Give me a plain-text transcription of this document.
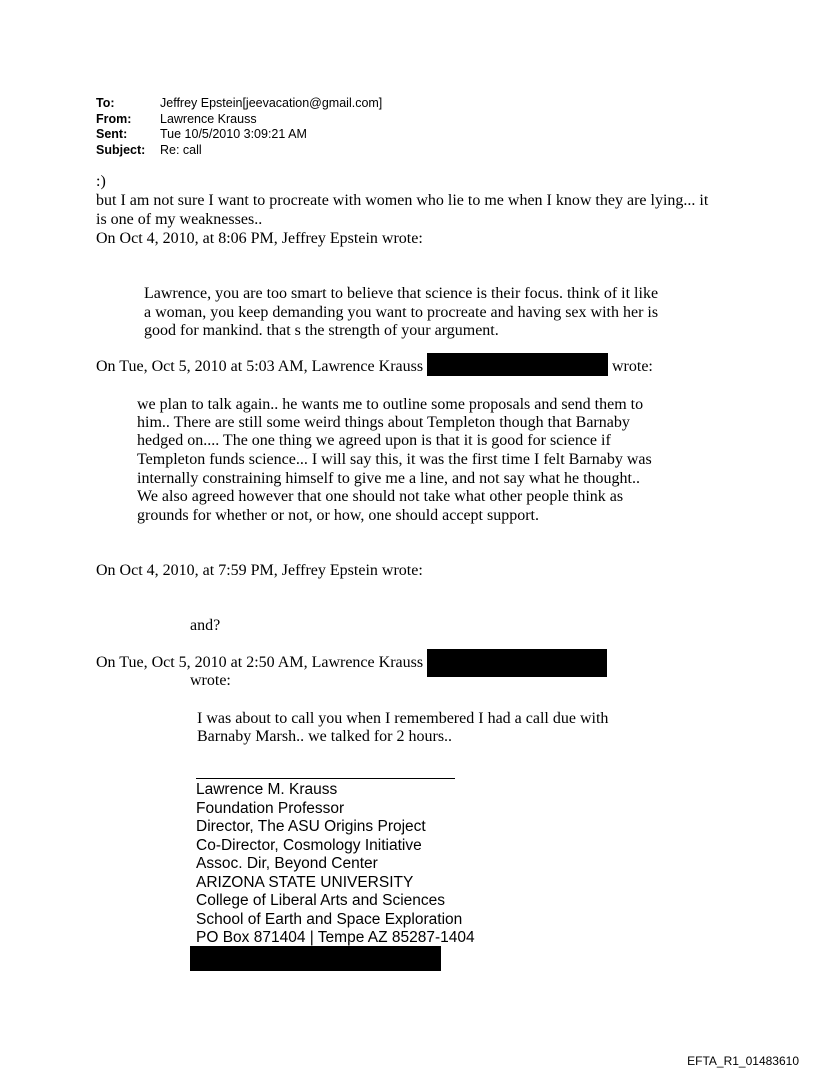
To:	Jeffrey Epstein[jeevacation@gmail.com]
From:	Lawrence Krauss
Sent:	Tue 10/5/2010 3:09:21 AM
Subject:	Re: call
:)
but I am not sure I want to procreate with women who lie to me when I know they are lying... it
is one of my weaknesses..
On Oct 4, 2010, at 8:06 PM, Jeffrey Epstein wrote:
Lawrence, you are too smart to believe that science is their focus. think of it like
a woman, you keep demanding you want to procreate and having sex with her is
good for mankind. that s the strength of your argument.
On Tue, Oct 5, 2010 at 5:03 AM, Lawrence Krauss	wrote:
we plan to talk again.. he wants me to outline some proposals and send them to
him.. There are still some weird things about Templeton though that Barnaby
hedged on.... The one thing we agreed upon is that it is good for science if
Templeton funds science... I will say this, it was the first time I felt Barnaby was
internally constraining himself to give me a line, and not say what he thought..
We also agreed however that one should not take what other people think as
grounds for whether or not, or how, one should accept support.
On Oct 4, 2010, at 7:59 PM, Jeffrey Epstein wrote:
and?
On Tue, Oct 5, 2010 at 2:50 AM, Lawrence Krauss
wrote:
I was about to call you when I remembered I had a call due with
Barnaby Marsh.. we talked for 2 hours..
Lawrence M. Krauss
Foundation Professor
Director, The ASU Origins Project
Co-Director, Cosmology Initiative
Assoc. Dir, Beyond Center
ARIZONA STATE UNIVERSITY
College of Liberal Arts and Sciences
School of Earth and Space Exploration
PO Box 871404 | Tempe AZ 85287-1404
EFTA_R1_01483610
